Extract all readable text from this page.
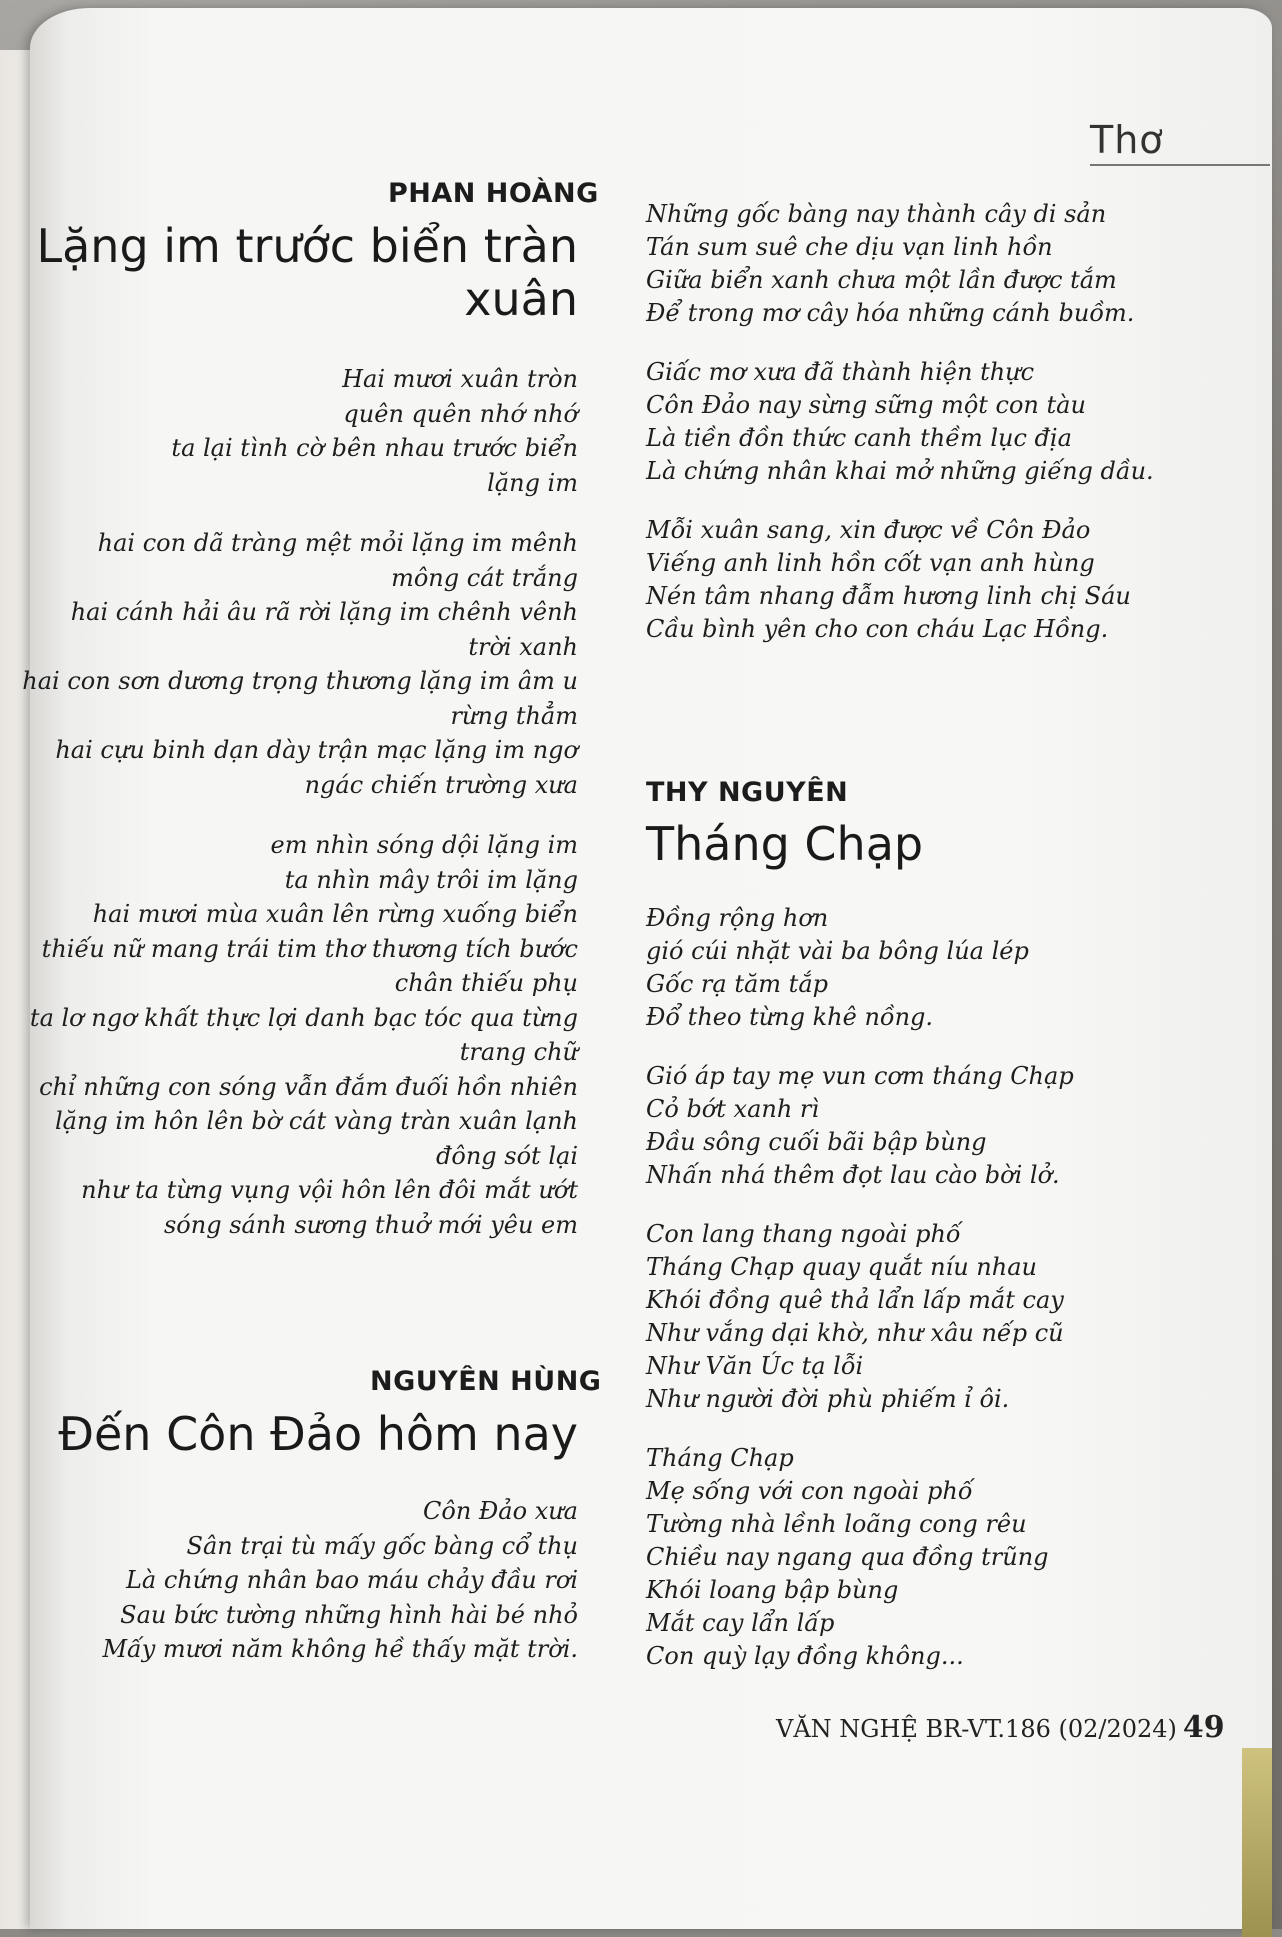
Thơ
PHAN HOÀNG
Lặng im trước biển tràn
xuân
Hai mươi xuân tròn
quên quên nhớ nhớ
ta lại tình cờ bên nhau trước biển
lặng im
hai con dã tràng mệt mỏi lặng im mênh
mông cát trắng
hai cánh hải âu rã rời lặng im chênh vênh
trời xanh
hai con sơn dương trọng thương lặng im âm u
rừng thẳm
hai cựu binh dạn dày trận mạc lặng im ngơ
ngác chiến trường xưa
em nhìn sóng dội lặng im
ta nhìn mây trôi im lặng
hai mươi mùa xuân lên rừng xuống biển
thiếu nữ mang trái tim thơ thương tích bước
chân thiếu phụ
ta lơ ngơ khất thực lợi danh bạc tóc qua từng
trang chữ
chỉ những con sóng vẫn đắm đuối hồn nhiên
lặng im hôn lên bờ cát vàng tràn xuân lạnh
đông sót lại
như ta từng vụng vội hôn lên đôi mắt ướt
sóng sánh sương thuở mới yêu em
NGUYÊN HÙNG
Đến Côn Đảo hôm nay
Côn Đảo xưa
Sân trại tù mấy gốc bàng cổ thụ
Là chứng nhân bao máu chảy đầu rơi
Sau bức tường những hình hài bé nhỏ
Mấy mươi năm không hề thấy mặt trời.
Những gốc bàng nay thành cây di sản
Tán sum suê che dịu vạn linh hồn
Giữa biển xanh chưa một lần được tắm
Để trong mơ cây hóa những cánh buồm.
Giấc mơ xưa đã thành hiện thực
Côn Đảo nay sừng sững một con tàu
Là tiền đồn thức canh thềm lục địa
Là chứng nhân khai mở những giếng dầu.
Mỗi xuân sang, xin được về Côn Đảo
Viếng anh linh hồn cốt vạn anh hùng
Nén tâm nhang đẫm hương linh chị Sáu
Cầu bình yên cho con cháu Lạc Hồng.
THY NGUYÊN
Tháng Chạp
Đồng rộng hơn
gió cúi nhặt vài ba bông lúa lép
Gốc rạ tăm tắp
Đổ theo từng khê nồng.
Gió áp tay mẹ vun cơm tháng Chạp
Cỏ bớt xanh rì
Đầu sông cuối bãi bập bùng
Nhấn nhá thêm đọt lau cào bời lở.
Con lang thang ngoài phố
Tháng Chạp quay quắt níu nhau
Khói đồng quê thả lẩn lấp mắt cay
Như vắng dại khờ, như xâu nếp cũ
Như Văn Úc tạ lỗi
Như người đời phù phiếm ỉ ôi.
Tháng Chạp
Mẹ sống với con ngoài phố
Tường nhà lềnh loãng cong rêu
Chiều nay ngang qua đồng trũng
Khói loang bập bùng
Mắt cay lẩn lấp
Con quỳ lạy đồng không...
VĂN NGHỆ BR-VT.186 (02/2024) 49
